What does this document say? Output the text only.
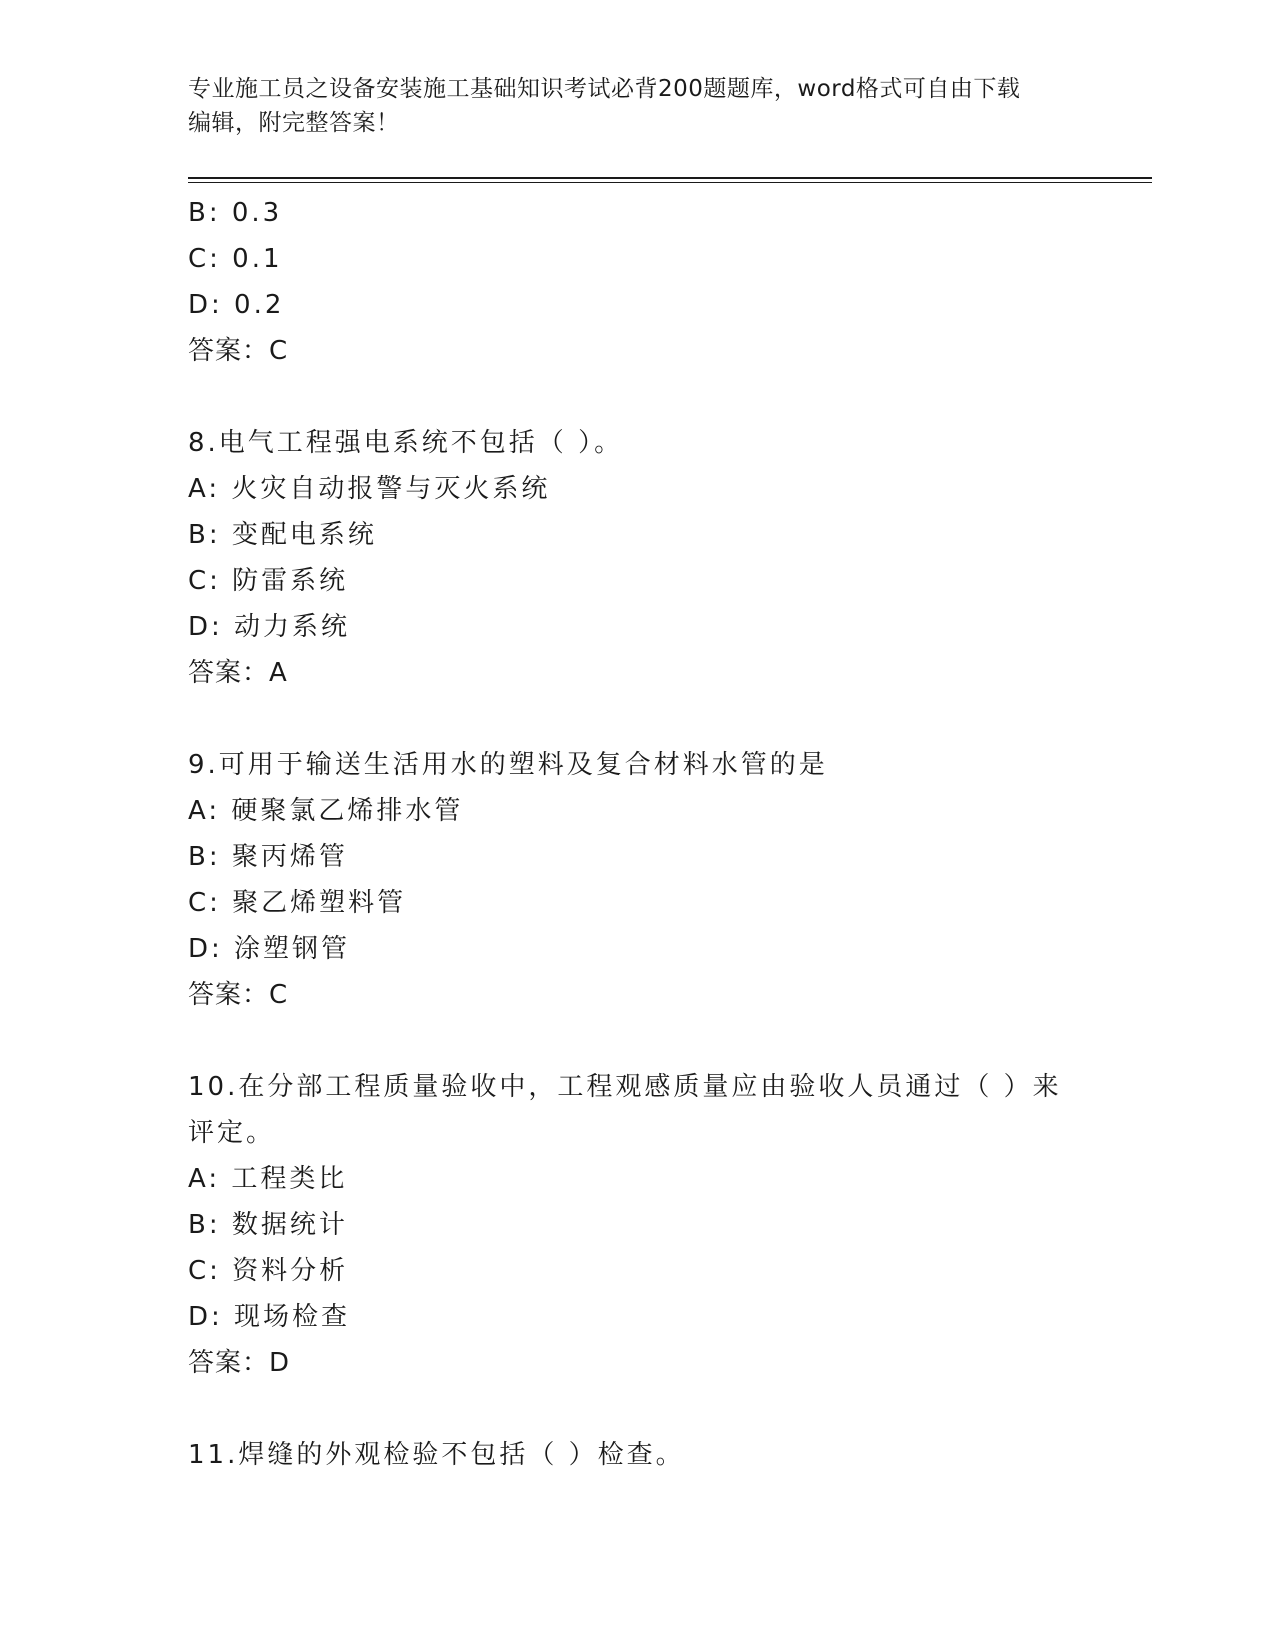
专业施工员之设备安装施工基础知识考试必背200题题库，word格式可自由下载
编辑，附完整答案！
B: 0.3
C: 0.1
D: 0.2
答案：C
8.电气工程强电系统不包括（ ）。
A: 火灾自动报警与灭火系统
B: 变配电系统
C: 防雷系统
D: 动力系统
答案：A
9.可用于输送生活用水的塑料及复合材料水管的是
A: 硬聚氯乙烯排水管
B: 聚丙烯管
C: 聚乙烯塑料管
D: 涂塑钢管
答案：C
10.在分部工程质量验收中，工程观感质量应由验收人员通过（ ）来
评定。
A: 工程类比
B: 数据统计
C: 资料分析
D: 现场检查
答案：D
11.焊缝的外观检验不包括（ ）检查。
